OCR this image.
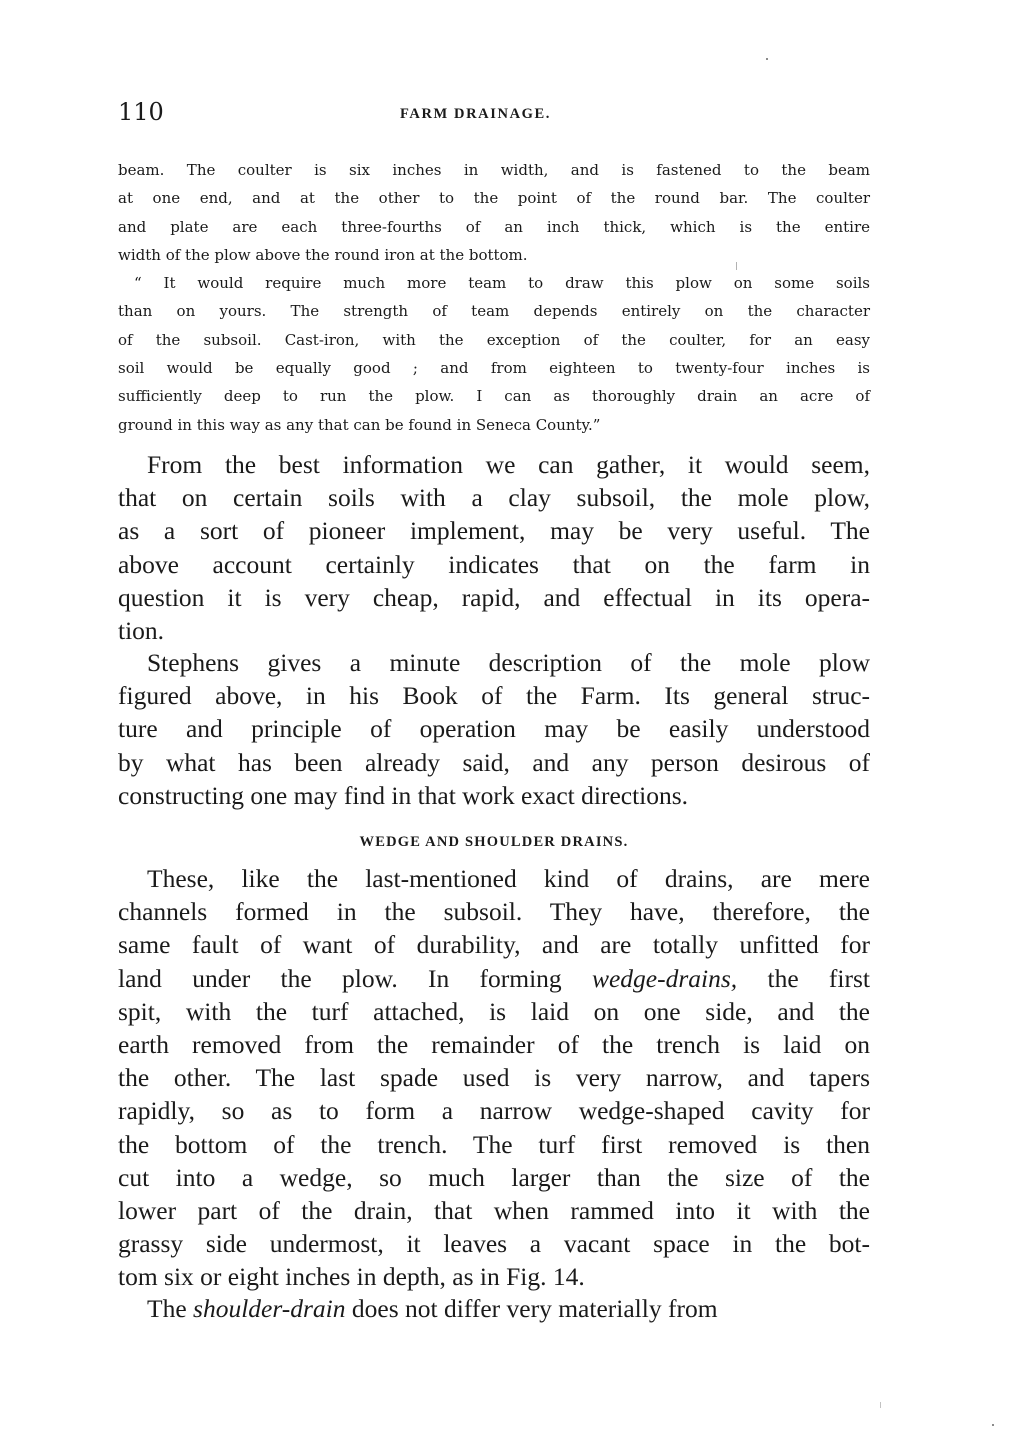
110	FARM DRAINAGE.

beam. The coulter is six inches in width, and is fastened to the beam
at one end, and at the other to the point of the round bar. The coulter
and plate are each three-fourths of an inch thick, which is the entire
width of the plow above the round iron at the bottom.

“ It would require much more team to draw this plow on some soils
than on yours. The strength of team depends entirely on the character
of the subsoil. Cast-iron, with the exception of the coulter, for an easy
soil would be equally good ; and from eighteen to twenty-four inches is
sufficiently deep to run the plow. I can as thoroughly drain an acre of
ground in this way as any that can be found in Seneca County.”

From the best information we can gather, it would seem,
that on certain soils with a clay subsoil, the mole plow,
as a sort of pioneer implement, may be very useful. The
above account certainly indicates that on the farm in
question it is very cheap, rapid, and effectual in its opera-
tion.
Stephens gives a minute description of the mole plow
figured above, in his Book of the Farm. Its general struc-
ture and principle of operation may be easily understood
by what has been already said, and any person desirous of
constructing one may find in that work exact directions.
WEDGE AND SHOULDER DRAINS.
These, like the last-mentioned kind of drains, are mere
channels formed in the subsoil. They have, therefore, the
same fault of want of durability, and are totally unfitted for
land under the plow. In forming wedge-drains, the first
spit, with the turf attached, is laid on one side, and the
earth removed from the remainder of the trench is laid on
the other. The last spade used is very narrow, and tapers
rapidly, so as to form a narrow wedge-shaped cavity for
the bottom of the trench. The turf first removed is then
cut into a wedge, so much larger than the size of the
lower part of the drain, that when rammed into it with the
grassy side undermost, it leaves a vacant space in the bot-
tom six or eight inches in depth, as in Fig. 14.
The shoulder-drain does not differ very materially from
